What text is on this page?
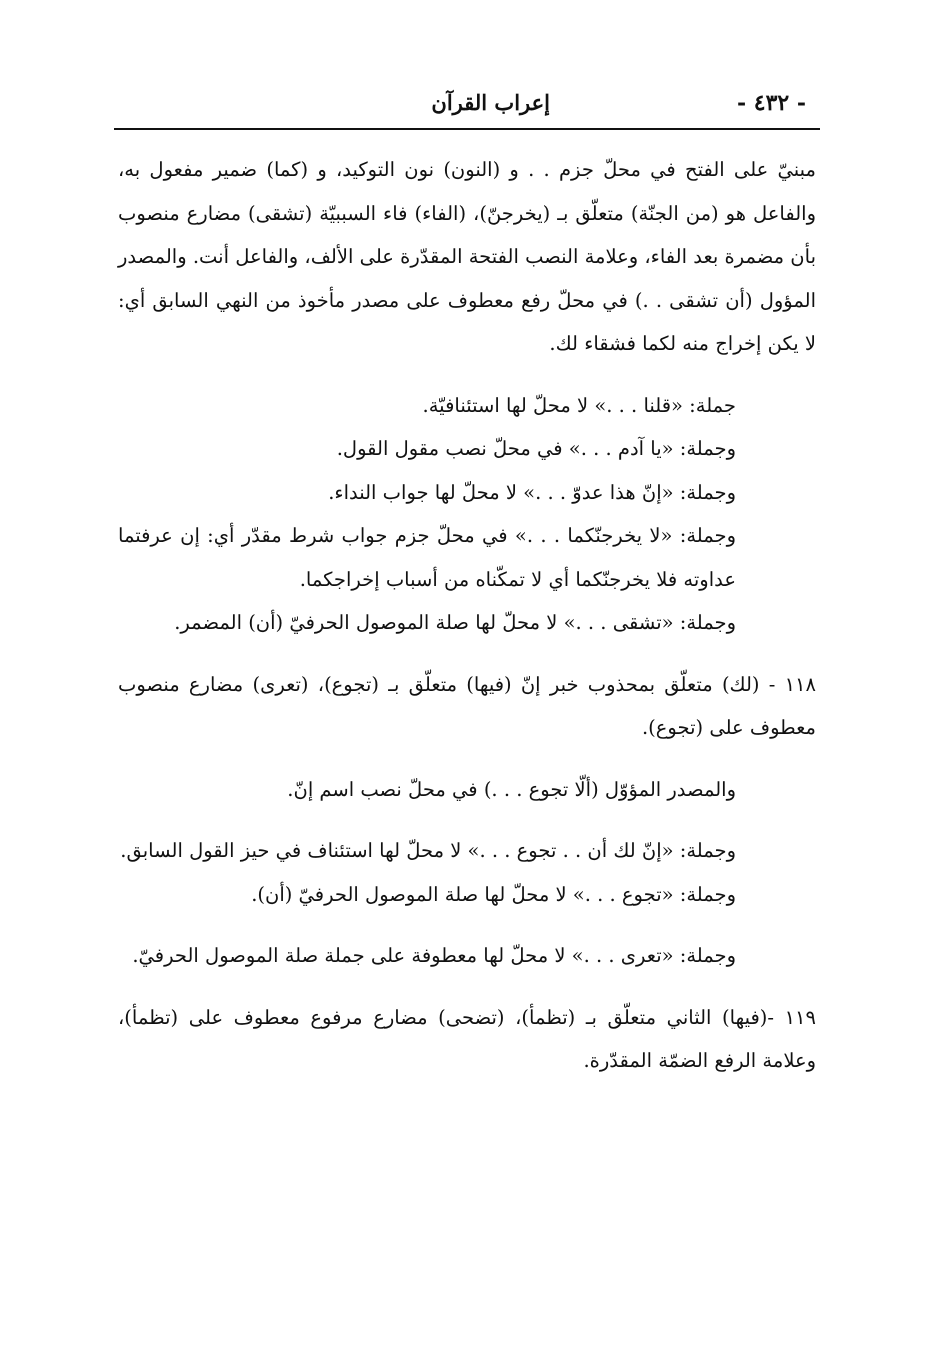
- ٤٣٢ -
إعراب القرآن

مبنيّ على الفتح في محلّ جزم . . و (النون) نون التوكيد، و (كما) ضمير مفعول به، والفاعل هو (من الجنّة) متعلّق بـ (يخرجنّ)، (الفاء) فاء السببيّة (تشقى) مضارع منصوب بأن مضمرة بعد الفاء، وعلامة النصب الفتحة المقدّرة على الألف، والفاعل أنت. والمصدر المؤول (أن تشقى . .) في محلّ رفع معطوف على مصدر مأخوذ من النهي السابق أي: لا يكن إخراج منه لكما فشقاء لك.

جملة: «قلنا . . .» لا محلّ لها استئنافيّة.

وجملة: «يا آدم . . .» في محلّ نصب مقول القول.

وجملة: «إنّ هذا عدوّ . . .» لا محلّ لها جواب النداء.

وجملة: «لا يخرجنّكما . . .» في محلّ جزم جواب شرط مقدّر أي: إن عرفتما عداوته فلا يخرجنّكما أي لا تمكّناه من أسباب إخراجكما.

وجملة: «تشقى . . .» لا محلّ لها صلة الموصول الحرفيّ (أن) المضمر.

١١٨ - (لك) متعلّق بمحذوب خبر إنّ (فيها) متعلّق بـ (تجوع)، (تعرى) مضارع منصوب معطوف على (تجوع).

والمصدر المؤوّل (ألّا تجوع . . .) في محلّ نصب اسم إنّ.

وجملة: «إنّ لك أن . . تجوع . . .» لا محلّ لها استئناف في حيز القول السابق.

وجملة: «تجوع . . .» لا محلّ لها صلة الموصول الحرفيّ (أن).

وجملة: «تعرى . . .» لا محلّ لها معطوفة على جملة صلة الموصول الحرفيّ.

١١٩ -(فيها) الثاني متعلّق بـ (تظمأ)، (تضحى) مضارع مرفوع معطوف على (تظمأ)، وعلامة الرفع الضمّة المقدّرة.
